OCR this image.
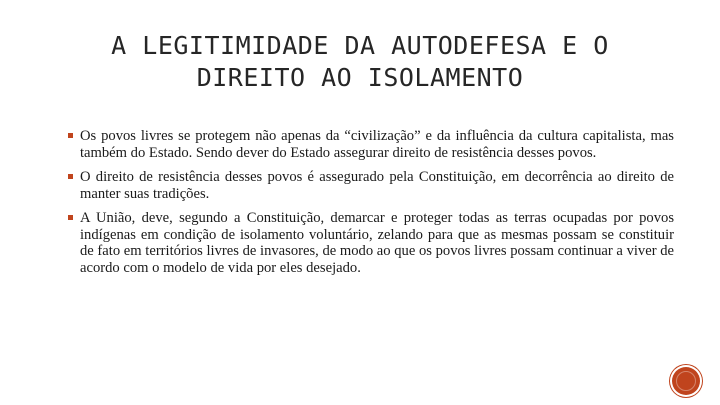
A LEGITIMIDADE DA AUTODEFESA E O DIREITO AO ISOLAMENTO
Os povos livres se protegem não apenas da “civilização” e da influência da cultura capitalista, mas também do Estado. Sendo dever do Estado assegurar direito de resistência desses povos.
O direito de resistência desses povos é assegurado pela Constituição, em decorrência ao direito de manter suas tradições.
A União, deve, segundo a Constituição, demarcar e proteger todas as terras ocupadas por povos indígenas em condição de isolamento voluntário, zelando para que as mesmas possam se constituir de fato em territórios livres de invasores, de modo ao que os povos livres possam continuar a viver de acordo com o modelo de vida por eles desejado.
